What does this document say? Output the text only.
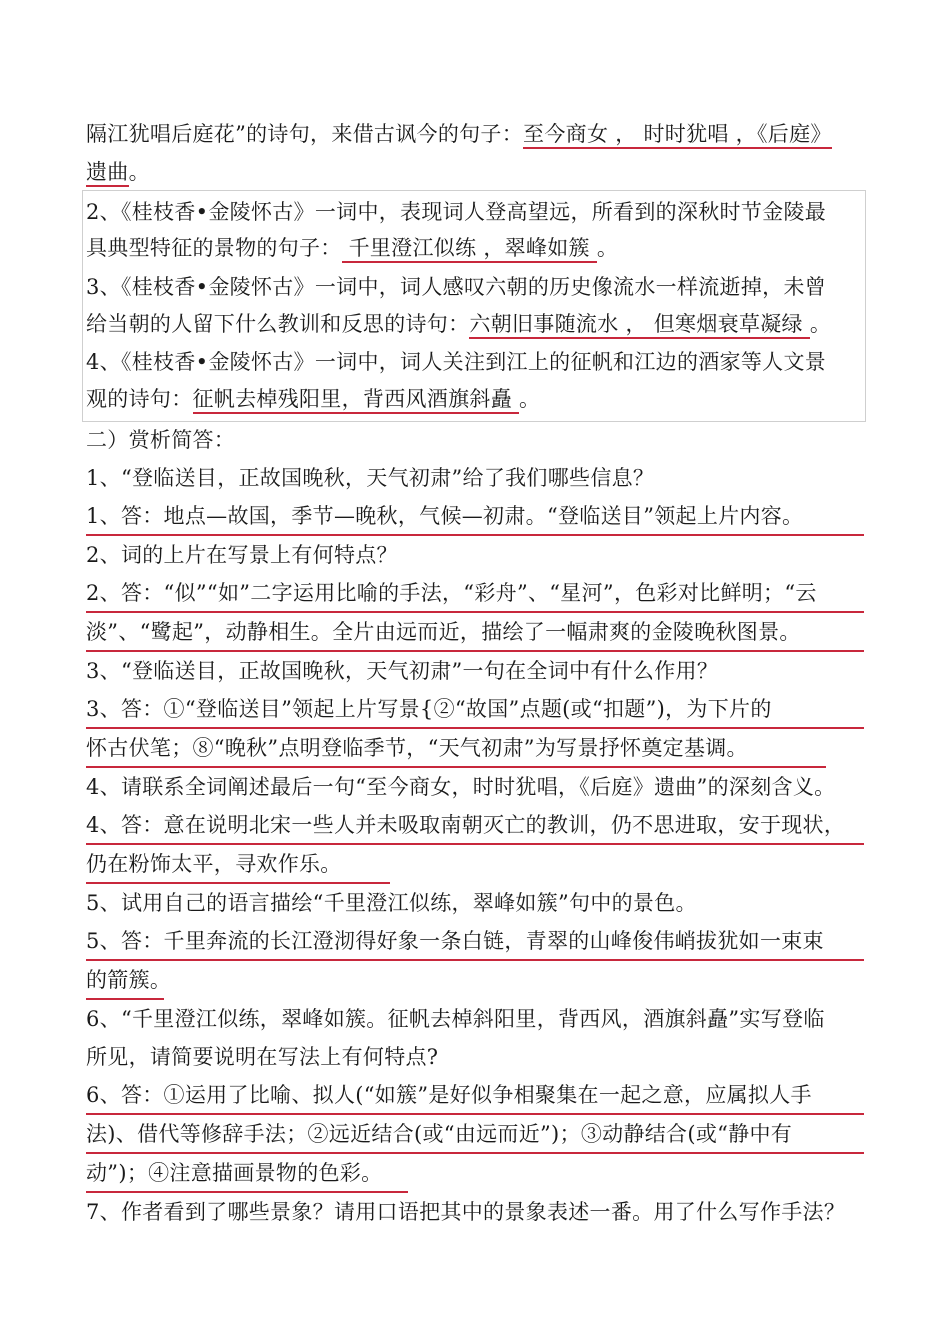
隔江犹唱后庭花”的诗句，来借古讽今的句子：至今商女 ， 时时犹唱 ，《后庭》
遗曲。
2、《桂枝香•金陵怀古》一词中，表现词人登高望远，所看到的深秋时节金陵最
具典型特征的景物的句子： 千里澄江似练 ，翠峰如簇 。
3、《桂枝香•金陵怀古》一词中，词人感叹六朝的历史像流水一样流逝掉，未曾
给当朝的人留下什么教训和反思的诗句：六朝旧事随流水 ， 但寒烟衰草凝绿 。
4、《桂枝香•金陵怀古》一词中，词人关注到江上的征帆和江边的酒家等人文景
观的诗句：征帆去棹残阳里，背西风酒旗斜矗 。
二）赏析简答：
1、“登临送目，正故国晚秋，天气初肃”给了我们哪些信息？
1、答：地点—故国，季节—晚秋，气候—初肃。“登临送目”领起上片内容。
2、词的上片在写景上有何特点？
2、答：“似”“如”二字运用比喻的手法，“彩舟”、“星河”，色彩对比鲜明；“云
淡”、“鹭起”，动静相生。全片由远而近，描绘了一幅肃爽的金陵晚秋图景。
3、“登临送目，正故国晚秋，天气初肃”一句在全词中有什么作用？
3、答：①“登临送目”领起上片写景{②“故国”点题(或“扣题”)，为下片的
怀古伏笔；⑧“晚秋”点明登临季节，“天气初肃”为写景抒怀奠定基调。
4、请联系全词阐述最后一句“至今商女，时时犹唱，《后庭》遗曲”的深刻含义。
4、答：意在说明北宋一些人并未吸取南朝灭亡的教训，仍不思进取，安于现状，
仍在粉饰太平，寻欢作乐。
5、试用自己的语言描绘“千里澄江似练，翠峰如簇”句中的景色。
5、答：千里奔流的长江澄沏得好象一条白链，青翠的山峰俊伟峭拔犹如一束束
的箭簇。
6、“千里澄江似练，翠峰如簇。征帆去棹斜阳里，背西风，酒旗斜矗”实写登临
所见，请简要说明在写法上有何特点?
6、答：①运用了比喻、拟人(“如簇”是好似争相聚集在一起之意，应属拟人手
法)、借代等修辞手法；②远近结合(或“由远而近”)；③动静结合(或“静中有
动”)；④注意描画景物的色彩。
7、作者看到了哪些景象？请用口语把其中的景象表述一番。用了什么写作手法？
